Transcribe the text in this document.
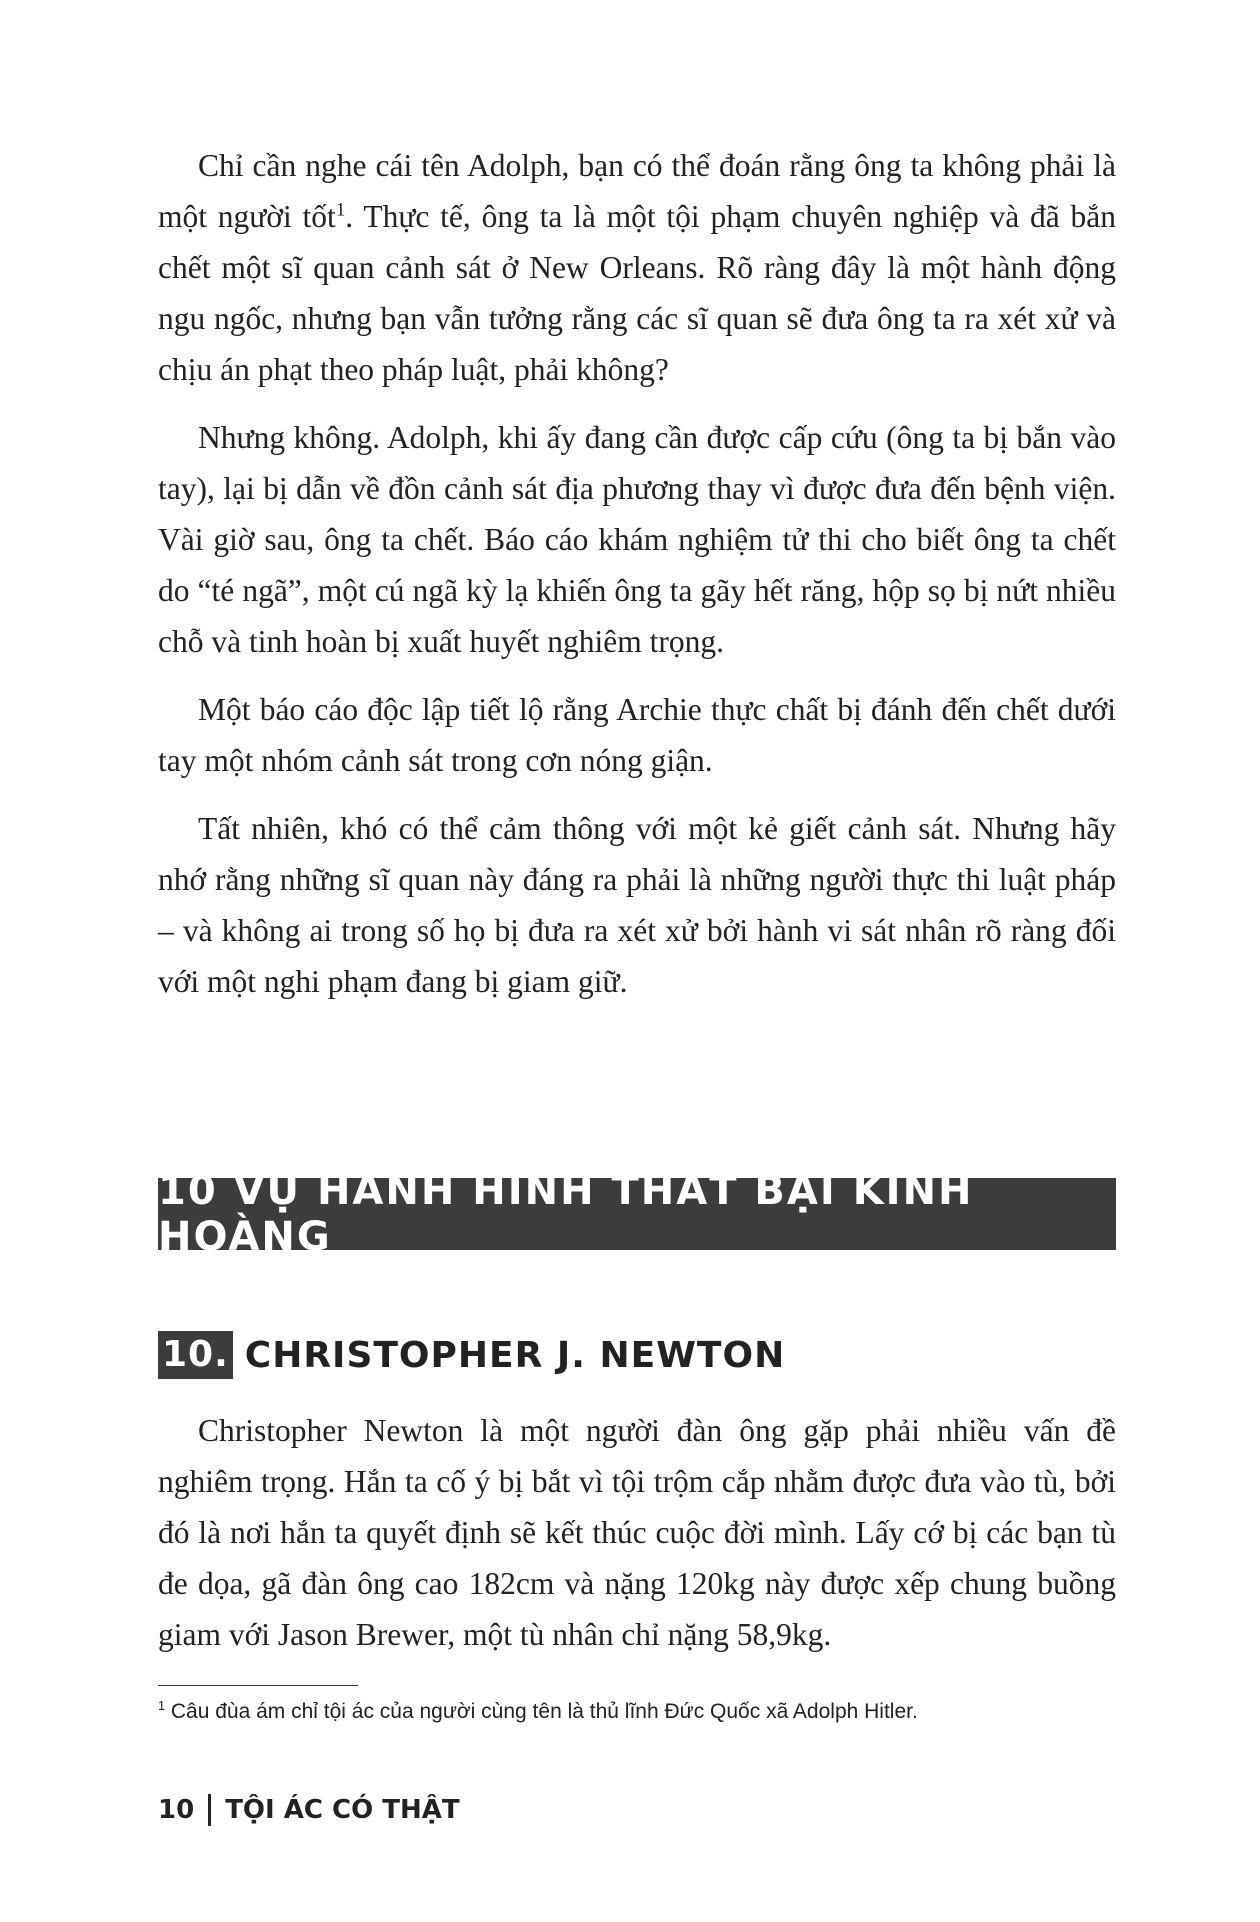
Chỉ cần nghe cái tên Adolph, bạn có thể đoán rằng ông ta không phải là một người tốt$^1$. Thực tế, ông ta là một tội phạm chuyên nghiệp và đã bắn chết một sĩ quan cảnh sát ở New Orleans. Rõ ràng đây là một hành động ngu ngốc, nhưng bạn vẫn tưởng rằng các sĩ quan sẽ đưa ông ta ra xét xử và chịu án phạt theo pháp luật, phải không?

Nhưng không. Adolph, khi ấy đang cần được cấp cứu (ông ta bị bắn vào tay), lại bị dẫn về đồn cảnh sát địa phương thay vì được đưa đến bệnh viện. Vài giờ sau, ông ta chết. Báo cáo khám nghiệm tử thi cho biết ông ta chết do “té ngã”, một cú ngã kỳ lạ khiến ông ta gãy hết răng, hộp sọ bị nứt nhiều chỗ và tinh hoàn bị xuất huyết nghiêm trọng.

Một báo cáo độc lập tiết lộ rằng Archie thực chất bị đánh đến chết dưới tay một nhóm cảnh sát trong cơn nóng giận.

Tất nhiên, khó có thể cảm thông với một kẻ giết cảnh sát. Nhưng hãy nhớ rằng những sĩ quan này đáng ra phải là những người thực thi luật pháp – và không ai trong số họ bị đưa ra xét xử bởi hành vi sát nhân rõ ràng đối với một nghi phạm đang bị giam giữ.

10 VỤ HÀNH HÌNH THẤT BẠI KINH HOÀNG
10. CHRISTOPHER J. NEWTON

Christopher Newton là một người đàn ông gặp phải nhiều vấn đề nghiêm trọng. Hắn ta cố ý bị bắt vì tội trộm cắp nhằm được đưa vào tù, bởi đó là nơi hắn ta quyết định sẽ kết thúc cuộc đời mình. Lấy cớ bị các bạn tù đe dọa, gã đàn ông cao 182cm và nặng 120kg này được xếp chung buồng giam với Jason Brewer, một tù nhân chỉ nặng 58,9kg.

$^1$ Câu đùa ám chỉ tội ác của người cùng tên là thủ lĩnh Đức Quốc xã Adolph Hitler.
10 TỘI ÁC CÓ THẬT
